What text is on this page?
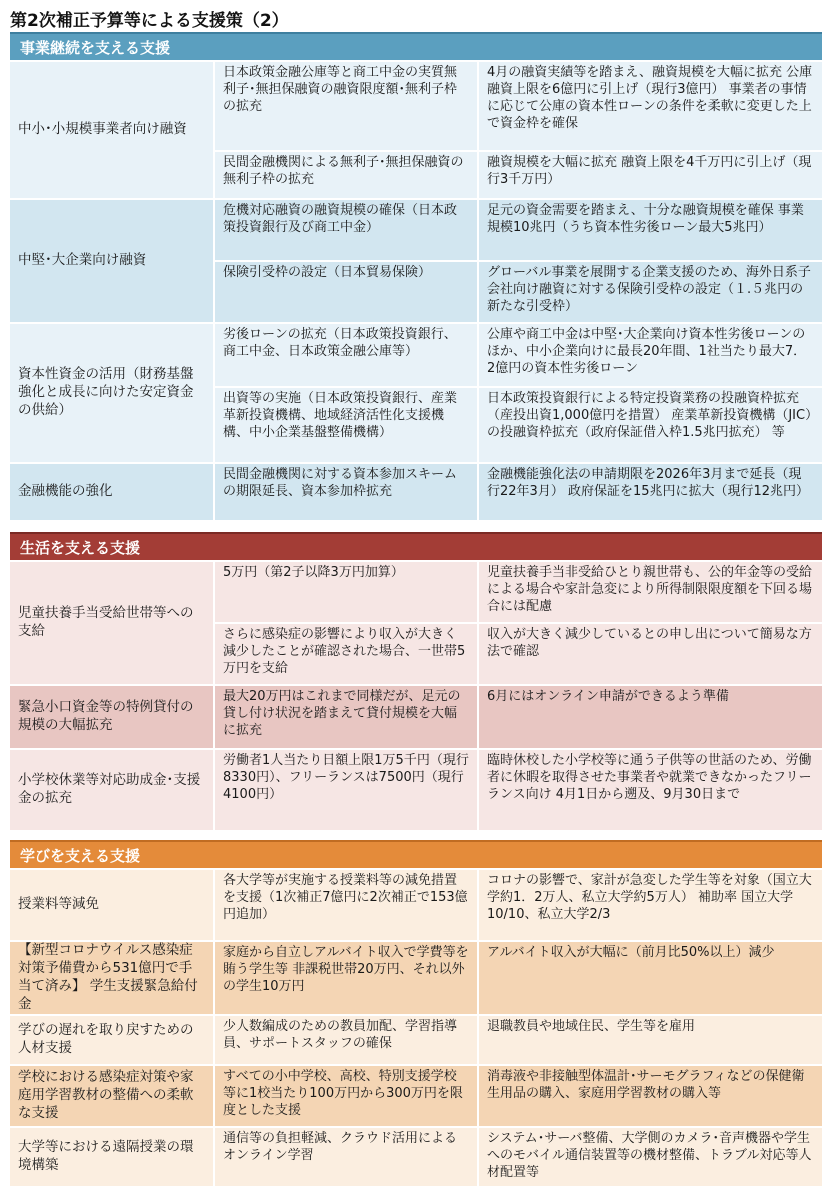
第2次補正予算等による支援策（2）
事業継続を支える支援
中小･小規模事業者向け融資
日本政策金融公庫等と商工中金の実質無利子･無担保融資の融資限度額･無利子枠の拡充
4月の融資実績等を踏まえ、融資規模を大幅に拡充 公庫融資上限を6億円に引上げ（現行3億円） 事業者の事情に応じて公庫の資本性ローンの条件を柔軟に変更した上で資金枠を確保
民間金融機関による無利子･無担保融資の無利子枠の拡充
融資規模を大幅に拡充 融資上限を4千万円に引上げ（現行3千万円）
中堅･大企業向け融資
危機対応融資の融資規模の確保（日本政策投資銀行及び商工中金）
足元の資金需要を踏まえ、十分な融資規模を確保 事業規模10兆円（うち資本性劣後ローン最大5兆円）
保険引受枠の設定（日本貿易保険）	グローバル事業を展開する企業支援のため、海外日系子会社向け融資に対する保険引受枠の設定（１.５兆円の新たな引受枠）
資本性資金の活用（財務基盤強化と成長に向けた安定資金の供給）
劣後ローンの拡充（日本政策投資銀行、商工中金、日本政策金融公庫等）
公庫や商工中金は中堅･大企業向け資本性劣後ローンのほか、中小企業向けに最長20年間、1社当たり最大7．2億円の資本性劣後ローン
出資等の実施（日本政策投資銀行、産業革新投資機構、地域経済活性化支援機構、中小企業基盤整備機構）
日本政策投資銀行による特定投資業務の投融資枠拡充（産投出資1,000億円を措置） 産業革新投資機構（JIC）の投融資枠拡充（政府保証借入枠1.5兆円拡充） 等
金融機能の強化
民間金融機関に対する資本参加スキームの期限延長、資本参加枠拡充
金融機能強化法の申請期限を2026年3月まで延長（現行22年3月） 政府保証を15兆円に拡大（現行12兆円）
生活を支える支援
児童扶養手当受給世帯等への支給
5万円（第2子以降3万円加算）	児童扶養手当非受給ひとり親世帯も、公的年金等の受給による場合や家計急変により所得制限限度額を下回る場合には配慮
さらに感染症の影響により収入が大きく減少したことが確認された場合、一世帯5万円を支給
収入が大きく減少しているとの申し出について簡易な方法で確認
緊急小口資金等の特例貸付の規模の大幅拡充
最大20万円はこれまで同様だが、足元の貸し付け状況を踏まえて貸付規模を大幅に拡充
6月にはオンライン申請ができるよう準備
小学校休業等対応助成金･支援金の拡充
労働者1人当たり日額上限1万5千円（現行8330円）、フリーランスは7500円（現行4100円）
臨時休校した小学校等に通う子供等の世話のため、労働者に休暇を取得させた事業者や就業できなかったフリーランス向け 4月1日から遡及、9月30日まで
学びを支える支援
授業料等減免
各大学等が実施する授業料等の減免措置を支援（1次補正7億円に2次補正で153億円追加）
コロナの影響で、家計が急変した学生等を対象（国立大学約1．2万人、私立大学約5万人） 補助率 国立大学10/10、私立大学2/3
【新型コロナウイルス感染症対策予備費から531億円で手当て済み】 学生支援緊急給付金
家庭から自立しアルバイト収入で学費等を賄う学生等 非課税世帯20万円、それ以外の学生10万円
アルバイト収入が大幅に（前月比50%以上）減少
学びの遅れを取り戻すための人材支援
少人数編成のための教員加配、学習指導員、サポートスタッフの確保
退職教員や地域住民、学生等を雇用
学校における感染症対策や家庭用学習教材の整備への柔軟な支援
すべての小中学校、高校、特別支援学校等に1校当たり100万円から300万円を限度とした支援
消毒液や非接触型体温計･サーモグラフィなどの保健衛生用品の購入、家庭用学習教材の購入等
大学等における遠隔授業の環境構築
通信等の負担軽減、クラウド活用によるオンライン学習
システム･サーバ整備、大学側のカメラ･音声機器や学生へのモバイル通信装置等の機材整備、トラブル対応等人材配置等
